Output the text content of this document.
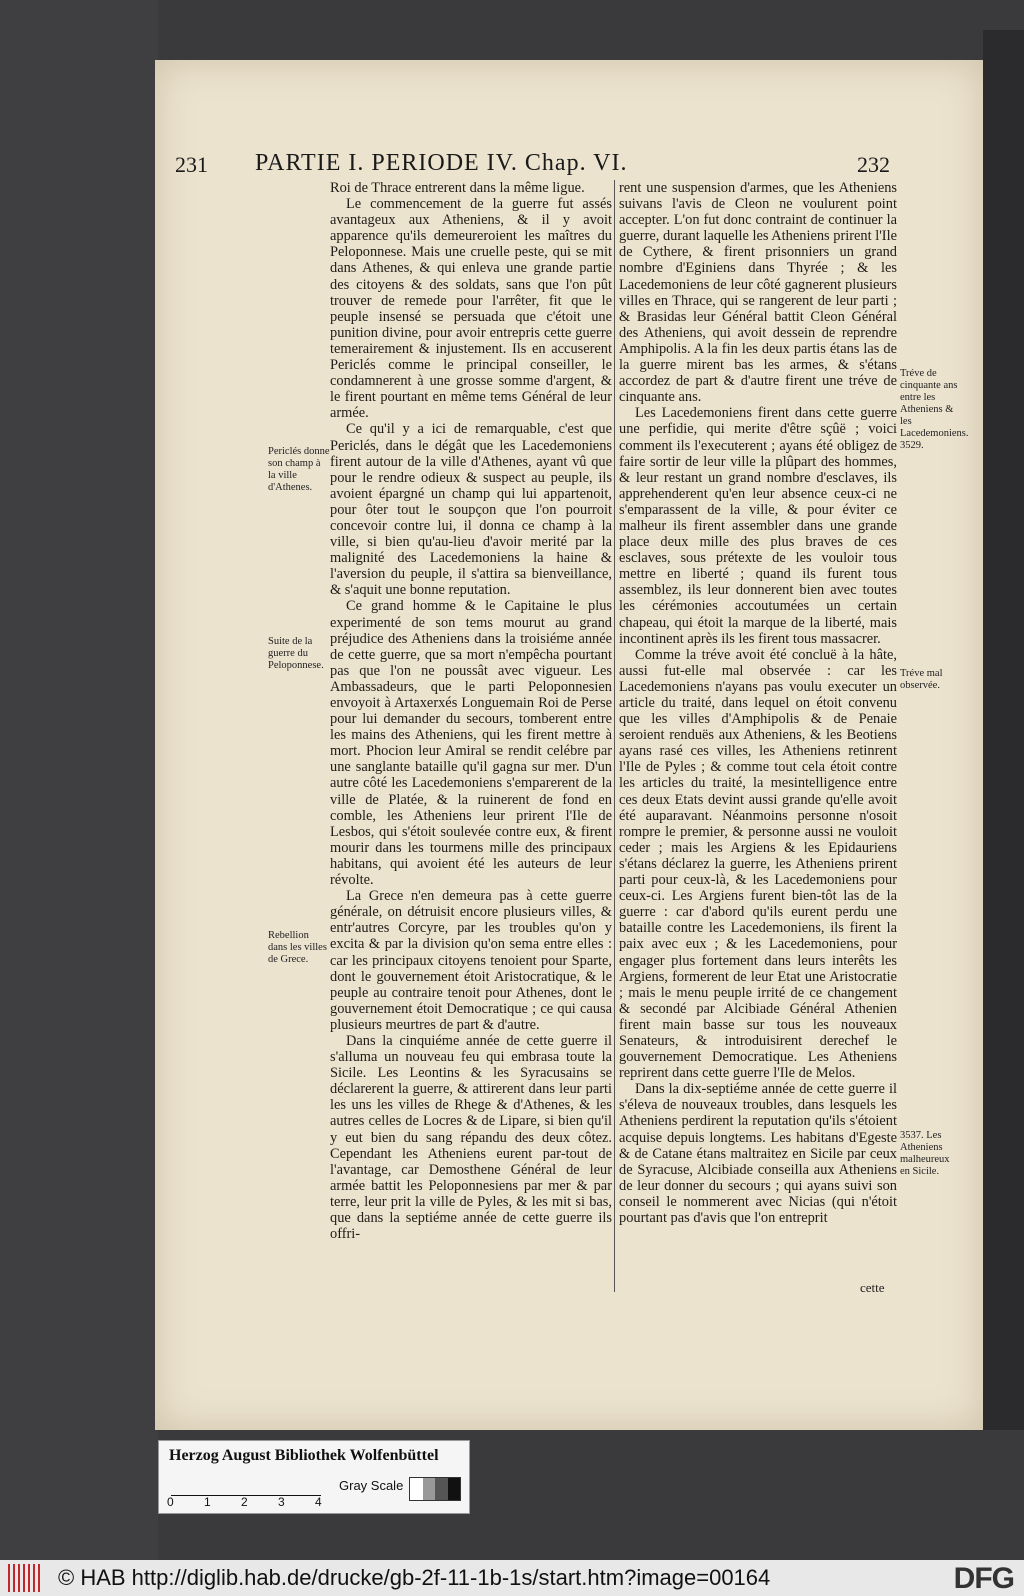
231 PARTIE I. PERIODE IV. Chap. VI.	232

Roi de Thrace entrerent dans la même ligue.

Le commencement de la guerre fut assés avantageux aux Atheniens, & il y avoit apparence qu'ils demeureroient les maîtres du Peloponnese. Mais une cruelle peste, qui se mit dans Athenes, & qui enleva une grande partie des citoyens & des soldats, sans que l'on pût trouver de remede pour l'arrêter, fit que le peuple insensé se persuada que c'étoit une punition divine, pour avoir entrepris cette guerre temerairement & injustement. Ils en accuserent Periclés comme le principal conseiller, le condamnerent à une grosse somme d'argent, & le firent pourtant en même tems Général de leur armée.

Ce qu'il y a ici de remarquable, c'est que Periclés, dans le dégât que les Lacedemoniens firent autour de la ville d'Athenes, ayant vû que pour le rendre odieux & suspect au peuple, ils avoient épargné un champ qui lui appartenoit, pour ôter tout le soupçon que l'on pourroit concevoir contre lui, il donna ce champ à la ville, si bien qu'au-lieu d'avoir merité par la malignité des Lacedemoniens la haine & l'aversion du peuple, il s'attira sa bienveillance, & s'aquit une bonne reputation.

Ce grand homme & le Capitaine le plus experimenté de son tems mourut au grand préjudice des Atheniens dans la troisiéme année de cette guerre, que sa mort n'empêcha pourtant pas que l'on ne poussât avec vigueur. Les Ambassadeurs, que le parti Peloponnesien envoyoit à Artaxerxés Longuemain Roi de Perse pour lui demander du secours, tomberent entre les mains des Atheniens, qui les firent mettre à mort. Phocion leur Amiral se rendit celébre par une sanglante bataille qu'il gagna sur mer. D'un autre côté les Lacedemoniens s'emparerent de la ville de Platée, & la ruinerent de fond en comble, les Atheniens leur prirent l'Ile de Lesbos, qui s'étoit soulevée contre eux, & firent mourir dans les tourmens mille des principaux habitans, qui avoient été les auteurs de leur révolte.

La Grece n'en demeura pas à cette guerre générale, on détruisit encore plusieurs villes, & entr'autres Corcyre, par les troubles qu'on y excita & par la division qu'on sema entre elles : car les principaux citoyens tenoient pour Sparte, dont le gouvernement étoit Aristocratique, & le peuple au contraire tenoit pour Athenes, dont le gouvernement étoit Democratique ; ce qui causa plusieurs meurtres de part & d'autre.

Dans la cinquiéme année de cette guerre il s'alluma un nouveau feu qui embrasa toute la Sicile. Les Leontins & les Syracusains se déclarerent la guerre, & attirerent dans leur parti les uns les villes de Rhege & d'Athenes, & les autres celles de Locres & de Lipare, si bien qu'il y eut bien du sang répandu des deux côtez. Cependant les Atheniens eurent par-tout de l'avantage, car Demosthene Général de leur armée battit les Peloponnesiens par mer & par terre, leur prit la ville de Pyles, & les mit si bas, que dans la septiéme année de cette guerre ils offri-

rent une suspension d'armes, que les Atheniens suivans l'avis de Cleon ne voulurent point accepter. L'on fut donc contraint de continuer la guerre, durant laquelle les Atheniens prirent l'Ile de Cythere, & firent prisonniers un grand nombre d'Eginiens dans Thyrée ; & les Lacedemoniens de leur côté gagnerent plusieurs villes en Thrace, qui se rangerent de leur parti ; & Brasidas leur Général battit Cleon Général des Atheniens, qui avoit dessein de reprendre Amphipolis. A la fin les deux partis étans las de la guerre mirent bas les armes, & s'étans accordez de part & d'autre firent une tréve de cinquante ans.

Les Lacedemoniens firent dans cette guerre une perfidie, qui merite d'être sçûë ; voici comment ils l'executerent ; ayans été obligez de faire sortir de leur ville la plûpart des hommes, & leur restant un grand nombre d'esclaves, ils apprehenderent qu'en leur absence ceux-ci ne s'emparassent de la ville, & pour éviter ce malheur ils firent assembler dans une grande place deux mille des plus braves de ces esclaves, sous prétexte de les vouloir tous mettre en liberté ; quand ils furent tous assemblez, ils leur donnerent bien avec toutes les cérémonies accoutumées un certain chapeau, qui étoit la marque de la liberté, mais incontinent après ils les firent tous massacrer.

Comme la tréve avoit été concluë à la hâte, aussi fut-elle mal observée : car les Lacedemoniens n'ayans pas voulu executer un article du traité, dans lequel on étoit convenu que les villes d'Amphipolis & de Penaie seroient renduës aux Atheniens, & les Beotiens ayans rasé ces villes, les Atheniens retinrent l'Ile de Pyles ; & comme tout cela étoit contre les articles du traité, la mesintelligence entre ces deux Etats devint aussi grande qu'elle avoit été auparavant. Néanmoins personne n'osoit rompre le premier, & personne aussi ne vouloit ceder ; mais les Argiens & les Epidauriens s'étans déclarez la guerre, les Atheniens prirent parti pour ceux-là, & les Lacedemoniens pour ceux-ci. Les Argiens furent bien-tôt las de la guerre : car d'abord qu'ils eurent perdu une bataille contre les Lacedemoniens, ils firent la paix avec eux ; & les Lacedemoniens, pour engager plus fortement dans leurs interêts les Argiens, formerent de leur Etat une Aristocratie ; mais le menu peuple irrité de ce changement & secondé par Alcibiade Général Athenien firent main basse sur tous les nouveaux Senateurs, & introduisirent derechef le gouvernement Democratique. Les Atheniens reprirent dans cette guerre l'Ile de Melos.

Dans la dix-septiéme année de cette guerre il s'éleva de nouveaux troubles, dans lesquels les Atheniens perdirent la reputation qu'ils s'étoient acquise depuis longtems. Les habitans d'Egeste & de Catane étans maltraitez en Sicile par ceux de Syracuse, Alcibiade conseilla aux Atheniens de leur donner du secours ; qui ayans suivi son conseil le nommerent avec Nicias (qui n'étoit pourtant pas d'avis que l'on entreprit

cette
Periclés donne son champ à la ville d'Athenes.
Suite de la guerre du Peloponnese.
Rebellion dans les villes de Grece.
Tréve de cinquante ans entre les Atheniens & les Lacedemoniens. 3529.
Tréve mal observée.
3537. Les Atheniens malheureux en Sicile.
Herzog August Bibliothek Wolfenbüttel
0	1	2	3	4
Gray Scale
© HAB http://diglib.hab.de/drucke/gb-2f-11-1b-1s/start.htm?image=00164	DFG
